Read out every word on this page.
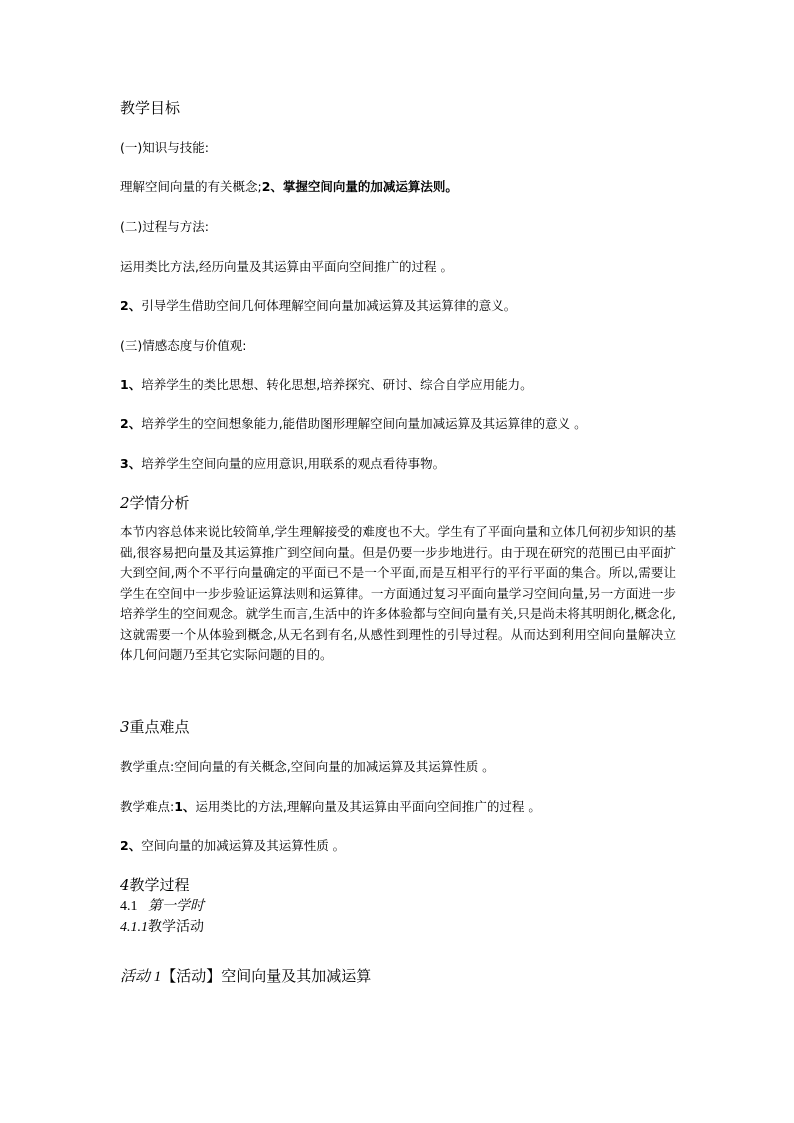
教学目标
(一)知识与技能:
理解空间向量的有关概念;2、掌握空间向量的加减运算法则。
(二)过程与方法:
运用类比方法,经历向量及其运算由平面向空间推广的过程 。
2、引导学生借助空间几何体理解空间向量加减运算及其运算律的意义。
(三)情感态度与价值观:
1、培养学生的类比思想、转化思想,培养探究、研讨、综合自学应用能力。
2、培养学生的空间想象能力,能借助图形理解空间向量加减运算及其运算律的意义 。
3、培养学生空间向量的应用意识,用联系的观点看待事物。
2学情分析
本节内容总体来说比较简单,学生理解接受的难度也不大。学生有了平面向量和立体几何初步知识的基础,很容易把向量及其运算推广到空间向量。但是仍要一步步地进行。由于现在研究的范围已由平面扩大到空间,两个不平行向量确定的平面已不是一个平面,而是互相平行的平行平面的集合。所以,需要让学生在空间中一步步验证运算法则和运算律。一方面通过复习平面向量学习空间向量,另一方面进一步培养学生的空间观念。就学生而言,生活中的许多体验都与空间向量有关,只是尚未将其明朗化,概念化,这就需要一个从体验到概念,从无名到有名,从感性到理性的引导过程。从而达到利用空间向量解决立体几何问题乃至其它实际问题的目的。
3重点难点
教学重点:空间向量的有关概念,空间向量的加减运算及其运算性质 。
教学难点:1、运用类比的方法,理解向量及其运算由平面向空间推广的过程 。
2、空间向量的加减运算及其运算性质 。
4教学过程
4.1 第一学时
4.1.1教学活动
活动 1【活动】空间向量及其加减运算
